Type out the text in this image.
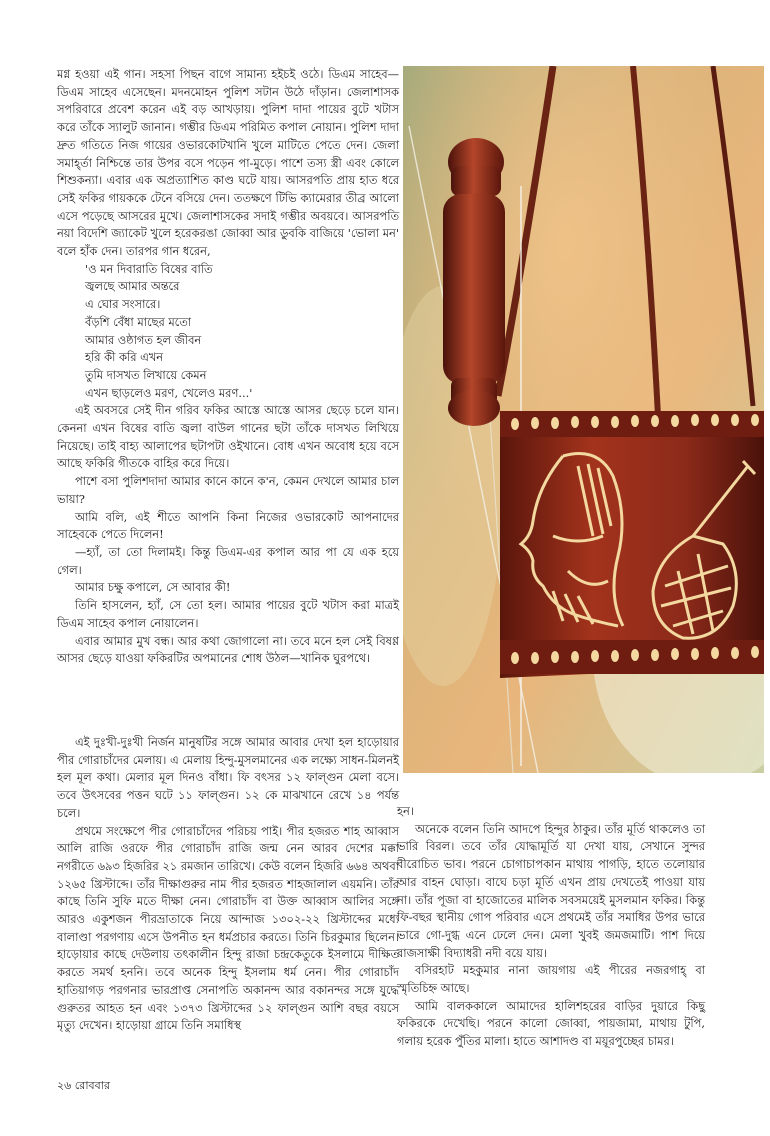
মগ্ন হওয়া এই গান। সহসা পিছন বাগে সামান্য হইচই ওঠে। ডিএম সাহেব—ডিএম সাহেব এসেছেন। মদনমোহন পুলিশ সটান উঠে দাঁড়ান। জেলাশাসক সপরিবারে প্রবেশ করেন এই বড় আখড়ায়। পুলিশ দাদা পায়ের বুটে খটাস করে তাঁকে স্যালুট জানান। গম্ভীর ডিএম পরিমিত কপাল নোয়ান। পুলিশ দাদা দ্রুত গতিতে নিজ গায়ের ওভারকোটখানি খুলে মাটিতে পেতে দেন। জেলা সমার্হ্তা নিশ্চিন্তে তার উপর বসে পড়েন পা-মুড়ে। পাশে তস্য স্ত্রী এবং কোলে শিশুকন্যা। এবার এক অপ্রত্যাশিত কাণ্ড ঘটে যায়। আসরপতি প্রায় হাত ধরে সেই ফকির গায়ককে টেনে বসিয়ে দেন। ততক্ষণে টিভি ক্যামেরার তীব্র আলো এসে পড়েছে আসরের মুখে। জেলাশাসকের সদাই গম্ভীর অবয়বে। আসরপতি নয়া বিদেশি জ্যাকেট খুলে হরেকরঙা জোব্বা আর ডুবকি বাজিয়ে 'ভোলা মন' বলে হাঁক দেন। তারপর গান ধরেন,

'ও মন দিবারাতি বিষের বাতি
জ্বলছে আমার অন্তরে
এ ঘোর সংসারে।
বঁড়শি বেঁধা মাছের মতো
আমার ওষ্ঠাগত হল জীবন
হরি কী করি এখন
তুমি দাসখত লিখায়ে কেমন
এখন ছাড়লেও মরণ, খেলেও মরণ...'

এই অবসরে সেই দীন গরিব ফকির আস্তে আস্তে আসর ছেড়ে চলে যান। কেননা এখন বিষের বাতি জ্বলা বাউল গানের ছটা তাঁকে দাসখত লিখিয়ে নিয়েছে। তাই বাহ্য আলাপের ছটাপটা ওইখানে। বোধ এখন অবোধ হয়ে বসে আছে ফকিরি গীতকে বাহির করে দিয়ে।

পাশে বসা পুলিশদাদা আমার কানে কানে ক'ন, কেমন দেখলে আমার চাল ভায়া?

আমি বলি, এই শীতে আপনি কিনা নিজের ওভারকোট আপনাদের সাহেবকে পেতে দিলেন!

—হ্যাঁ, তা তো দিলামই। কিন্তু ডিএম-এর কপাল আর পা যে এক হয়ে গেল।

আমার চক্ষু কপালে, সে আবার কী!

তিনি হাসলেন, হ্যাঁ, সে তো হল। আমার পায়ের বুটে খটাস করা মাত্রই ডিএম সাহেব কপাল নোয়ালেন।

এবার আমার মুখ বন্ধ। আর কথা জোগালো না। তবে মনে হল সেই বিষণ্ণ আসর ছেড়ে যাওয়া ফকিরটির অপমানের শোধ উঠল—খানিক ঘুরপথে।

এই দুঃখী-দুঃখী নির্জন মানুষটির সঙ্গে আমার আবার দেখা হল হাড়োয়ার পীর গোরাচাঁদের মেলায়। এ মেলায় হিন্দু-মুসলমানের এক লক্ষ্যে সাধন-মিলনই হল মূল কথা। মেলার মূল দিনও বাঁধা। ফি বৎসর ১২ ফাল্গুন মেলা বসে। তবে উৎসবের পত্তন ঘটে ১১ ফাল্গুন। ১২ কে মাঝখানে রেখে ১৪ পর্যন্ত চলে।

প্রথমে সংক্ষেপে পীর গোরাচাঁদের পরিচয় পাই। পীর হজরত শাহ আব্বাস আলি রাজি ওরফে পীর গোরাচাঁদ রাজি জন্ম নেন আরব দেশের মক্কা নগরীতে ৬৯৩ হিজরির ২১ রমজান তারিখে। কেউ বলেন হিজরি ৬৬৪ অথবা ১২৬৫ খ্রিস্টাব্দে। তাঁর দীক্ষাগুরুর নাম পীর হজরত শাহজালাল এয়মনি। তাঁর কাছে তিনি সুফি মতে দীক্ষা নেন। গোরাচাঁদ বা উক্ত আব্বাস আলির সঙ্গে আরও একুশজন পীরভ্রাতাকে নিয়ে আন্দাজ ১৩০২-২২ খ্রিস্টাব্দের মধ্যে বালাণ্ডা পরগণায় এসে উপনীত হন ধর্মপ্রচার করতে। তিনি চিরকুমার ছিলেন। হাড়োয়ার কাছে দেউলায় তৎকালীন হিন্দু রাজা চন্দ্রকেতুকে ইসলামে দীক্ষিত করতে সমর্থ হননি। তবে অনেক হিন্দু ইসলাম ধর্ম নেন। পীর গোরাচাঁদ হাতিয়াগড় পরগনার ভারপ্রাপ্ত সেনাপতি অকানন্দ আর বকানন্দর সঙ্গে যুদ্ধে গুরুতর আহত হন এবং ১৩৭৩ খ্রিস্টাব্দের ১২ ফাল্গুন আশি বছর বয়সে মৃত্যু দেখেন। হাড়োয়া গ্রামে তিনি সমাধিস্থ

হন।

অনেকে বলেন তিনি আদপে হিন্দুর ঠাকুর। তাঁর মূর্তি থাকলেও তা ভারি বিরল। তবে তাঁর যোদ্ধামূর্তি যা দেখা যায়, সেখানে সুন্দর বীরোচিত ভাব। পরনে চোগাচাপকান মাথায় পাগড়ি, হাতে তলোয়ার আর বাহন ঘোড়া। বাঘে চড়া মূর্তি এখন প্রায় দেখতেই পাওয়া যায় না। তাঁর পূজা বা হাজোতের মালিক সবসময়েই মুসলমান ফকির। কিন্তু ফি-বছর স্থানীয় গোপ পরিবার এসে প্রথমেই তাঁর সমাধির উপর ভারে ভারে গো-দুগ্ধ এনে ঢেলে দেন। মেলা খুবই জমজমাটি। পাশ দিয়ে রাজসাক্ষী বিদ্যাধরী নদী বয়ে যায়।

বসিরহাট মহকুমার নানা জায়গায় এই পীরের নজরগাহ্‌ বা স্মৃতিচিহ্ন আছে।

আমি বালককালে আমাদের হালিশহরের বাড়ির দুয়ারে কিছু ফকিরকে দেখেছি। পরনে কালো জোব্বা, পায়জামা, মাথায় টুপি, গলায় হরেক পুঁতির মালা। হাতে আশাদণ্ড বা ময়ূরপুচ্ছের চামর।

২৬ রোববার
